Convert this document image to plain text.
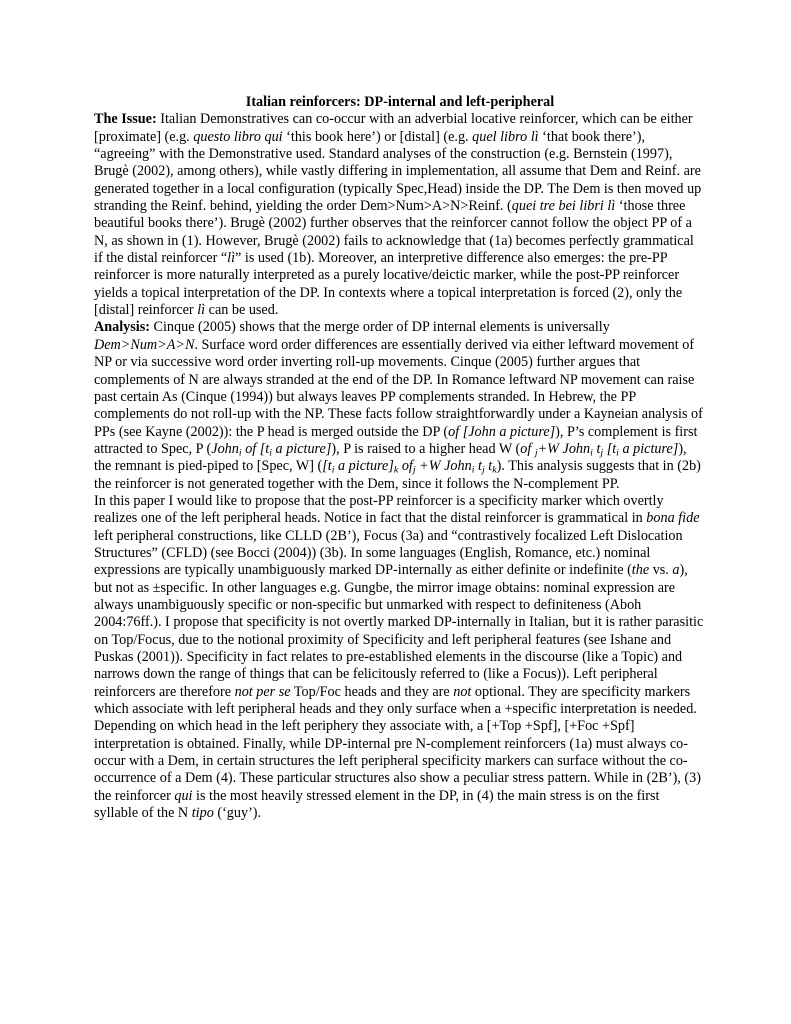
Italian reinforcers: DP-internal and left-peripheral

The Issue: Italian Demonstratives can co-occur with an adverbial locative reinforcer, which can be either [proximate] (e.g. questo libro qui ‘this book here’) or [distal] (e.g. quel libro lì ‘that book there’), “agreeing” with the Demonstrative used. Standard analyses of the construction (e.g. Bernstein (1997), Brugè (2002), among others), while vastly differing in implementation, all assume that Dem and Reinf. are generated together in a local configuration (typically Spec,Head) inside the DP. The Dem is then moved up stranding the Reinf. behind, yielding the order Dem>Num>A>N>Reinf. (quei tre bei libri lì ‘those three beautiful books there’). Brugè (2002) further observes that the reinforcer cannot follow the object PP of a N, as shown in (1). However, Brugè (2002) fails to acknowledge that (1a) becomes perfectly grammatical if the distal reinforcer “lì” is used (1b). Moreover, an interpretive difference also emerges: the pre-PP reinforcer is more naturally interpreted as a purely locative/deictic marker, while the post-PP reinforcer yields a topical interpretation of the DP. In contexts where a topical interpretation is forced (2), only the [distal] reinforcer lì can be used.

Analysis: Cinque (2005) shows that the merge order of DP internal elements is universally Dem>Num>A>N. Surface word order differences are essentially derived via either leftward movement of NP or via successive word order inverting roll-up movements. Cinque (2005) further argues that complements of N are always stranded at the end of the DP. In Romance leftward NP movement can raise past certain As (Cinque (1994)) but always leaves PP complements stranded. In Hebrew, the PP complements do not roll-up with the NP. These facts follow straightforwardly under a Kayneian analysis of PPs (see Kayne (2002)): the P head is merged outside the DP (of [John a picture]), P’s complement is first attracted to Spec, P (John$_i$ of [$t_i$ a picture]), P is raised to a higher head W (of $_j$+W John$_i$ $t_j$ [$t_i$ a picture]), the remnant is pied-piped to [Spec, W] ([$t_i$ a $picture]_k$ $of_j +W$ John$_i$ $t_j$ $t_k$). This analysis suggests that in (2b) the reinforcer is not generated together with the Dem, since it follows the N-complement PP.

In this paper I would like to propose that the post-PP reinforcer is a specificity marker which overtly realizes one of the left peripheral heads. Notice in fact that the distal reinforcer is grammatical in bona fide left peripheral constructions, like CLLD (2B’), Focus (3a) and “contrastively focalized Left Dislocation Structures” (CFLD) (see Bocci (2004)) (3b). In some languages (English, Romance, etc.) nominal expressions are typically unambiguously marked DP-internally as either definite or indefinite (the vs. a), but not as ±specific. In other languages e.g. Gungbe, the mirror image obtains: nominal expression are always unambiguously specific or non-specific but unmarked with respect to definiteness (Aboh 2004:76ff.). I propose that specificity is not overtly marked DP-internally in Italian, but it is rather parasitic on Top/Focus, due to the notional proximity of Specificity and left peripheral features (see Ishane and Puskas (2001)). Specificity in fact relates to pre-established elements in the discourse (like a Topic) and narrows down the range of things that can be felicitously referred to (like a Focus)). Left peripheral reinforcers are therefore not per se Top/Foc heads and they are not optional. They are specificity markers which associate with left peripheral heads and they only surface when a +specific interpretation is needed. Depending on which head in the left periphery they associate with, a [+Top +Spf], [+Foc +Spf] interpretation is obtained. Finally, while DP-internal pre N-complement reinforcers (1a) must always co-occur with a Dem, in certain structures the left peripheral specificity markers can surface without the co-occurrence of a Dem (4). These particular structures also show a peculiar stress pattern. While in (2B’), (3) the reinforcer qui is the most heavily stressed element in the DP, in (4) the main stress is on the first syllable of the N tipo (‘guy’).
